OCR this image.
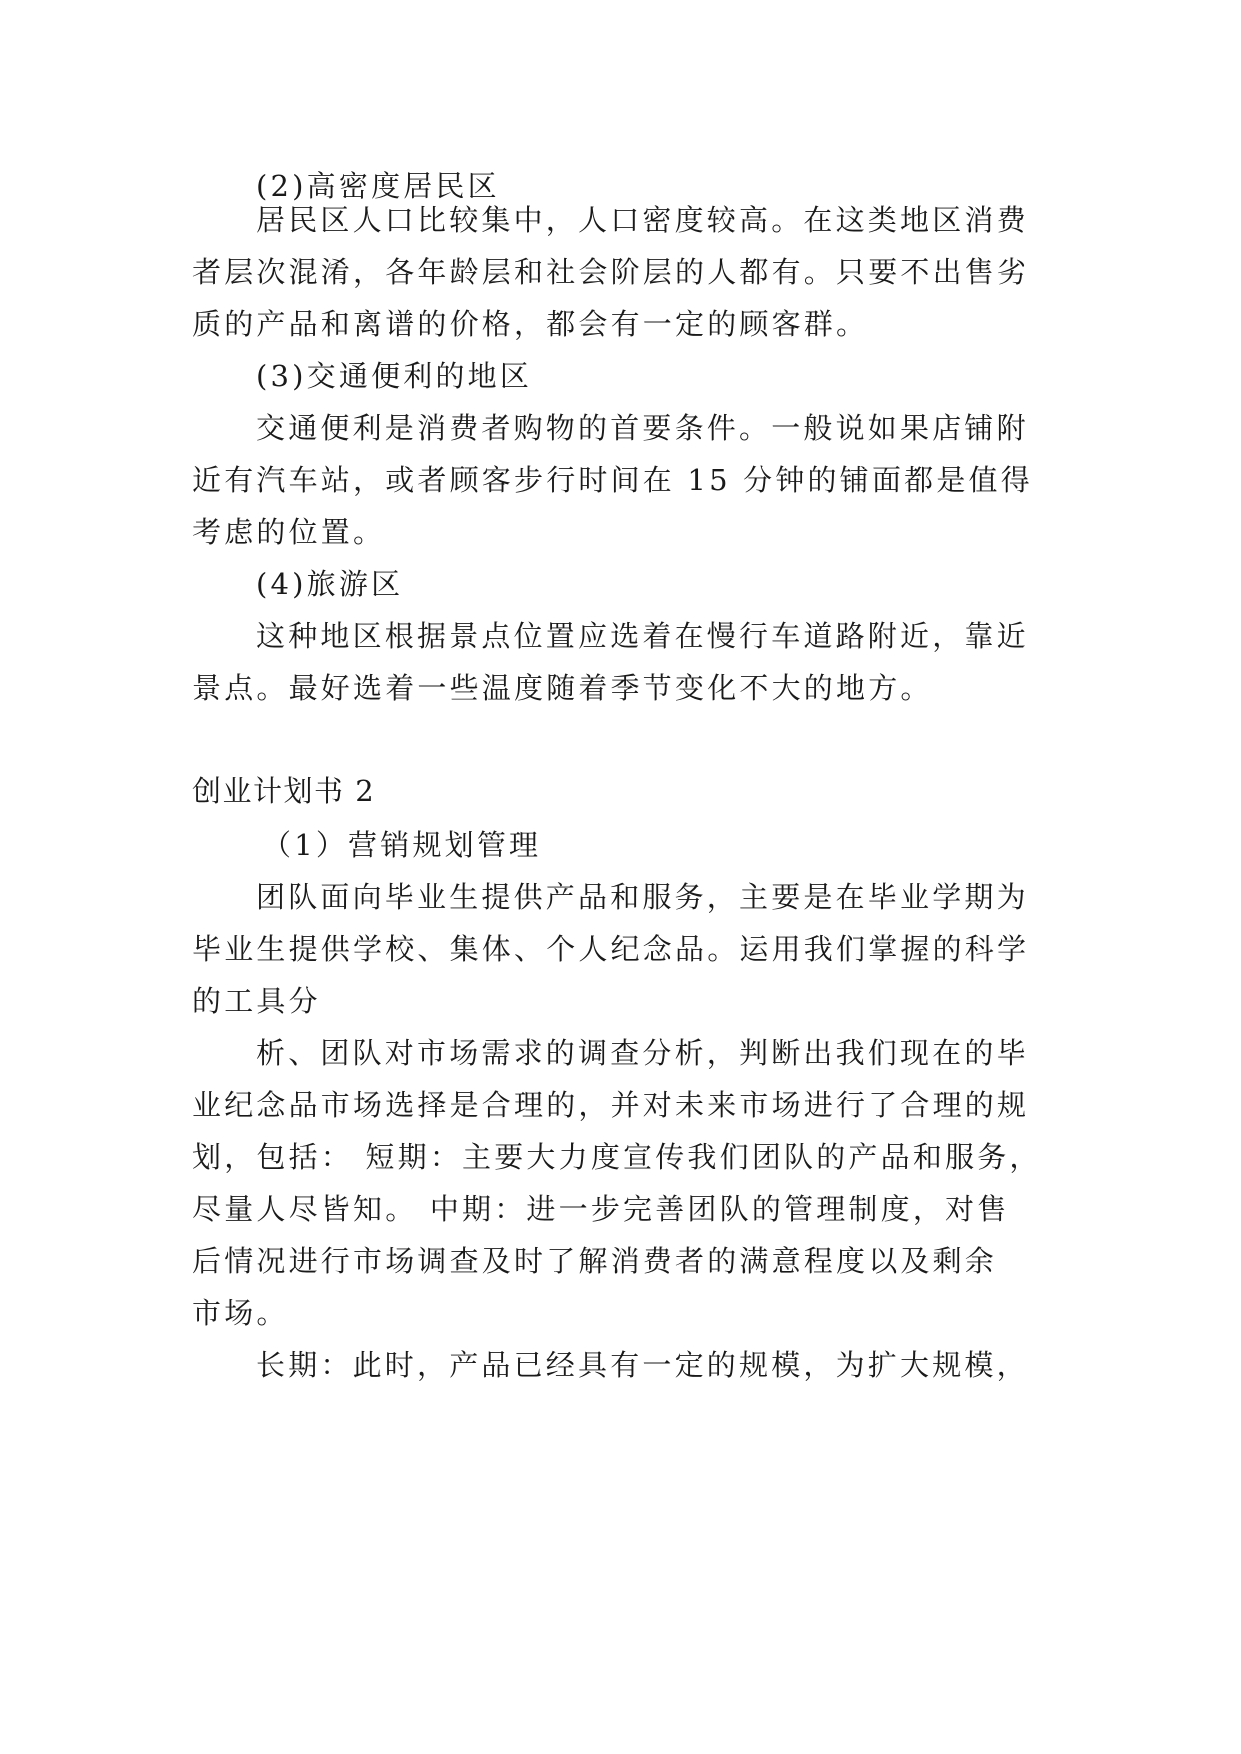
(2)高密度居民区
居民区人口比较集中，人口密度较高。在这类地区消费
者层次混淆，各年龄层和社会阶层的人都有。只要不出售劣
质的产品和离谱的价格，都会有一定的顾客群。
(3)交通便利的地区
交通便利是消费者购物的首要条件。一般说如果店铺附
近有汽车站，或者顾客步行时间在 15 分钟的铺面都是值得
考虑的位置。
(4)旅游区
这种地区根据景点位置应选着在慢行车道路附近，靠近
景点。最好选着一些温度随着季节变化不大的地方。
创业计划书 2
（1）营销规划管理
团队面向毕业生提供产品和服务，主要是在毕业学期为
毕业生提供学校、集体、个人纪念品。运用我们掌握的科学
的工具分
析、团队对市场需求的调查分析，判断出我们现在的毕
业纪念品市场选择是合理的，并对未来市场进行了合理的规
划，包括： 短期：主要大力度宣传我们团队的产品和服务，
尽量人尽皆知。 中期：进一步完善团队的管理制度，对售
后情况进行市场调查及时了解消费者的满意程度以及剩余
市场。
长期：此时，产品已经具有一定的规模，为扩大规模，
